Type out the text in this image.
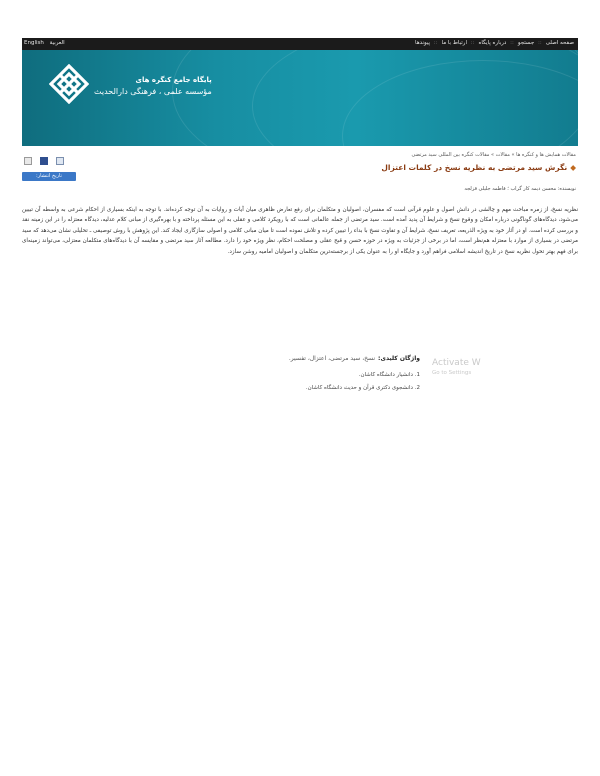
English العربیة	صفحه اصلی:: جستجو:: درباره پایگاه:: ارتباط با ما:: پیوندها
پایگاه جامع کنگره های
مؤسسه علمی ، فرهنگی دارالحدیث

مقالات همایش ها و کنگره ها » مقالات » مقالات کنگره بین المللی سید مرتضی
◆نگرش سید مرتضی به نظریه نسخ در کلمات اعتزال
تاریخ انتشار: 1394/07/07
نویسنده: محسن دیمه کار گراب ؛ فاطمه جلیلی قزلجه

نظریه نسخ، از زمره مباحث مهم و چالشی در دانش اصول و علوم قرآنی است که مفسران، اصولیان و متکلمان برای رفع تعارض ظاهری میان آیات و روایات به آن توجه کرده‌اند. با توجه به اینکه بسیاری از احکام شرعی به واسطه آن تبیین می‌شود، دیدگاه‌های گوناگونی درباره امکان و وقوع نسخ و شرایط آن پدید آمده است. سید مرتضی از جمله عالمانی است که با رویکرد کلامی و عقلی به این مسئله پرداخته و با بهره‌گیری از مبانی کلام عدلیه، دیدگاه معتزله را در این زمینه نقد و بررسی کرده است. او در آثار خود به ویژه الذریعه، تعریف نسخ، شرایط آن و تفاوت نسخ با بداء را تبیین کرده و تلاش نموده است تا میان مبانی کلامی و اصولی سازگاری ایجاد کند. این پژوهش با روش توصیفی ـ تحلیلی نشان می‌دهد که سید مرتضی در بسیاری از موارد با معتزله هم‌نظر است، اما در برخی از جزئیات به ویژه در حوزه حسن و قبح عقلی و مصلحت احکام، نظر ویژه خود را دارد. مطالعه آثار سید مرتضی و مقایسه آن با دیدگاه‌های متکلمان معتزلی، می‌تواند زمینه‌ای برای فهم بهتر تحول نظریه نسخ در تاریخ اندیشه اسلامی فراهم آورد و جایگاه او را به عنوان یکی از برجسته‌ترین متکلمان و اصولیان امامیه روشن سازد.

واژگان کلیدی:نسخ، سید مرتضی، اعتزال، تفسیر.
1. دانشیار دانشگاه کاشان.
2. دانشجوی دکتری قرآن و حدیث دانشگاه کاشان.
Activate W
Go to Settings
